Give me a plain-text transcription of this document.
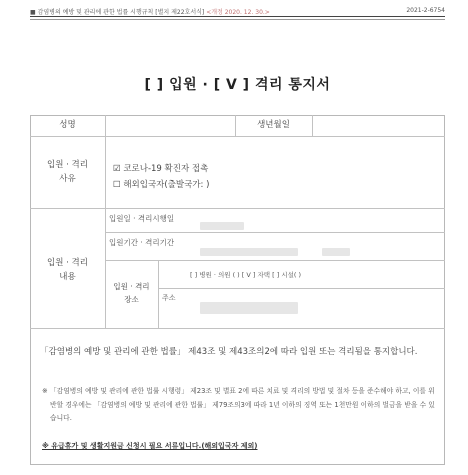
■ 감염병의 예방 및 관리에 관한 법률 시행규칙 [별지 제22호서식] <개정 2020. 12. 30.>	2021-2-6754
[ ] 입원 · [ V ] 격리 통지서
성명	생년월일
입원 · 격리
사유
☑ 코로나-19 확진자 접촉
☐ 해외입국자(출발국가: )
입원 · 격리
내용
입원일 · 격리시행일
입원기간 · 격리기간
입원 · 격리
장소
[ ] 병원 · 의원 ( ) [ V ] 자택 [ ] 시설( )
주소
「감염병의 예방 및 관리에 관한 법률」 제43조 및 제43조의2에 따라 입원 또는 격리됨을 통지합니다.
※ 「감염병의 예방 및 관리에 관한 법률 시행령」 제23조 및 별표 2에 따른 치료 및 격리의 방법 및 절차 등을 준수해야 하고, 이를 위반할 경우에는 「감염병의 예방 및 관리에 관한 법률」 제79조의3에 따라 1년 이하의 징역 또는 1천만원 이하의 벌금을 받을 수 있습니다.
※ 유급휴가 및 생활지원금 신청시 필요 서류입니다.(해외입국자 제외)
